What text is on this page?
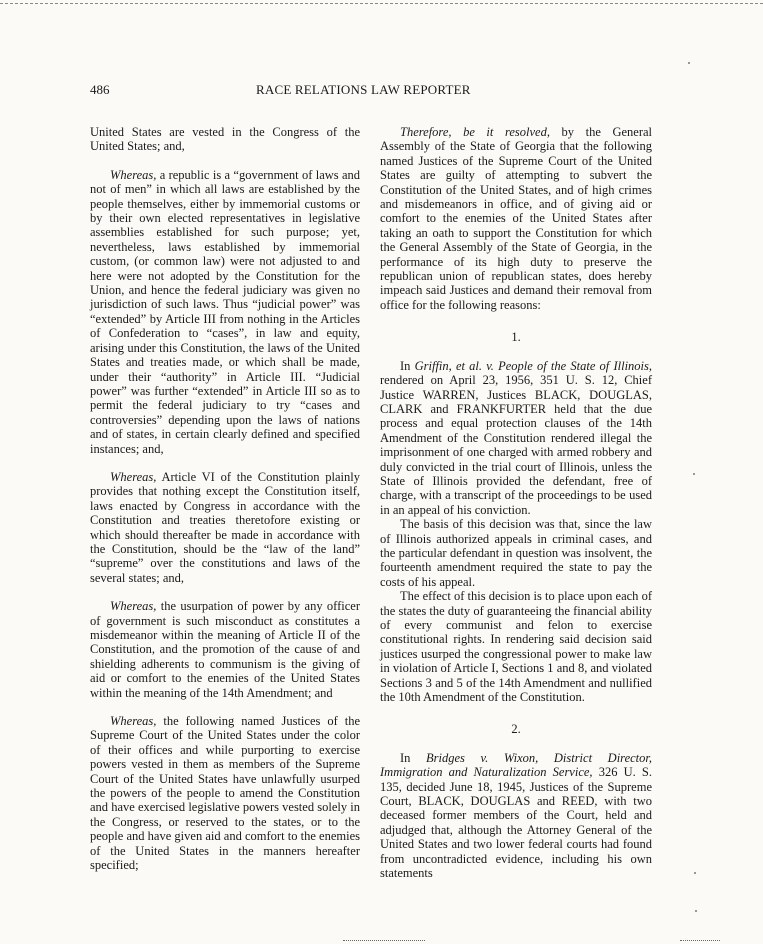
486	RACE RELATIONS LAW REPORTER

United States are vested in the Congress of the United States; and,

Whereas, a republic is a “government of laws and not of men” in which all laws are established by the people themselves, either by immemorial customs or by their own elected representatives in legislative assemblies established for such purpose; yet, nevertheless, laws established by immemorial custom, (or common law) were not adjusted to and here were not adopted by the Constitution for the Union, and hence the federal judiciary was given no jurisdiction of such laws. Thus “judicial power” was “extended” by Article III from nothing in the Articles of Confederation to “cases”, in law and equity, arising under this Constitution, the laws of the United States and treaties made, or which shall be made, under their “authority” in Article III. “Judicial power” was further “extended” in Article III so as to permit the federal judiciary to try “cases and controversies” depending upon the laws of nations and of states, in certain clearly defined and specified instances; and,

Whereas, Article VI of the Constitution plainly provides that nothing except the Constitution itself, laws enacted by Congress in accordance with the Constitution and treaties theretofore existing or which should thereafter be made in accordance with the Constitution, should be the “law of the land” “supreme” over the constitutions and laws of the several states; and,

Whereas, the usurpation of power by any officer of government is such misconduct as constitutes a misdemeanor within the meaning of Article II of the Constitution, and the promotion of the cause of and shielding adherents to communism is the giving of aid or comfort to the enemies of the United States within the meaning of the 14th Amendment; and

Whereas, the following named Justices of the Supreme Court of the United States under the color of their offices and while purporting to exercise powers vested in them as members of the Supreme Court of the United States have unlawfully usurped the powers of the people to amend the Constitution and have exercised legislative powers vested solely in the Congress, or reserved to the states, or to the people and have given aid and comfort to the enemies of the United States in the manners hereafter specified;

Therefore, be it resolved, by the General Assembly of the State of Georgia that the following named Justices of the Supreme Court of the United States are guilty of attempting to subvert the Constitution of the United States, and of high crimes and misdemeanors in office, and of giving aid or comfort to the enemies of the United States after taking an oath to support the Constitution for which the General Assembly of the State of Georgia, in the performance of its high duty to preserve the republican union of republican states, does hereby impeach said Justices and demand their removal from office for the following reasons:

1.

In Griffin, et al. v. People of the State of Illinois, rendered on April 23, 1956, 351 U. S. 12, Chief Justice WARREN, Justices BLACK, DOUGLAS, CLARK and FRANKFURTER held that the due process and equal protection clauses of the 14th Amendment of the Constitution rendered illegal the imprisonment of one charged with armed robbery and duly convicted in the trial court of Illinois, unless the State of Illinois provided the defendant, free of charge, with a transcript of the proceedings to be used in an appeal of his conviction.

The basis of this decision was that, since the law of Illinois authorized appeals in criminal cases, and the particular defendant in question was insolvent, the fourteenth amendment required the state to pay the costs of his appeal.

The effect of this decision is to place upon each of the states the duty of guaranteeing the financial ability of every communist and felon to exercise constitutional rights. In rendering said decision said justices usurped the congressional power to make law in violation of Article I, Sections 1 and 8, and violated Sections 3 and 5 of the 14th Amendment and nullified the 10th Amendment of the Constitution.

2.

In Bridges v. Wixon, District Director, Immigration and Naturalization Service, 326 U. S. 135, decided June 18, 1945, Justices of the Supreme Court, BLACK, DOUGLAS and REED, with two deceased former members of the Court, held and adjudged that, although the Attorney General of the United States and two lower federal courts had found from uncontradicted evidence, including his own statements
